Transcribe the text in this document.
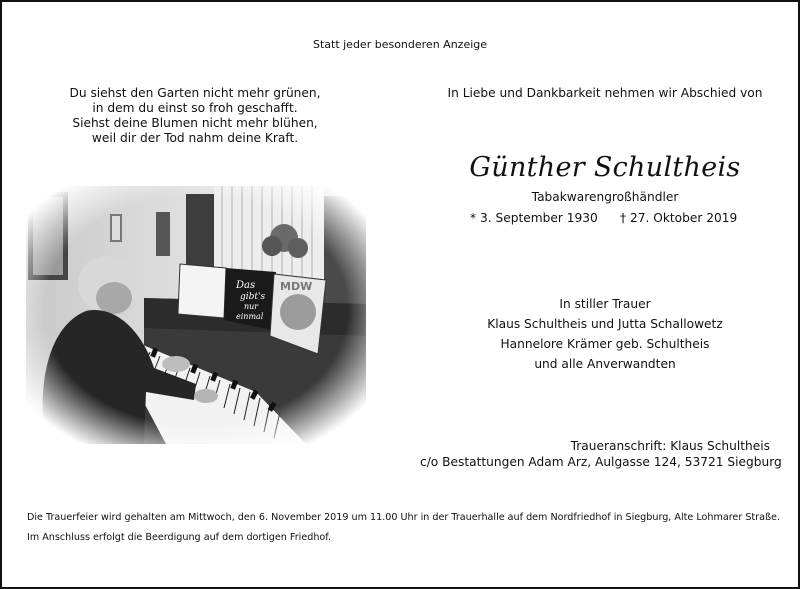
Statt jeder besonderen Anzeige
Du siehst den Garten nicht mehr grünen,
in dem du einst so froh geschafft.
Siehst deine Blumen nicht mehr blühen,
weil dir der Tod nahm deine Kraft.
In Liebe und Dankbarkeit nehmen wir Abschied von
Günther Schultheis
Tabakwarengroßhändler
* 3. September 1930 † 27. Oktober 2019
In stiller Trauer
Klaus Schultheis und Jutta Schallowetz
Hannelore Krämer geb. Schultheis
und alle Anverwandten
Traueranschrift: Klaus Schultheis
c/o Bestattungen Adam Arz, Aulgasse 124, 53721 Siegburg
Die Trauerfeier wird gehalten am Mittwoch, den 6. November 2019 um 11.00 Uhr in der Trauerhalle auf dem Nordfriedhof in Siegburg, Alte Lohmarer Straße.
Im Anschluss erfolgt die Beerdigung auf dem dortigen Friedhof.
